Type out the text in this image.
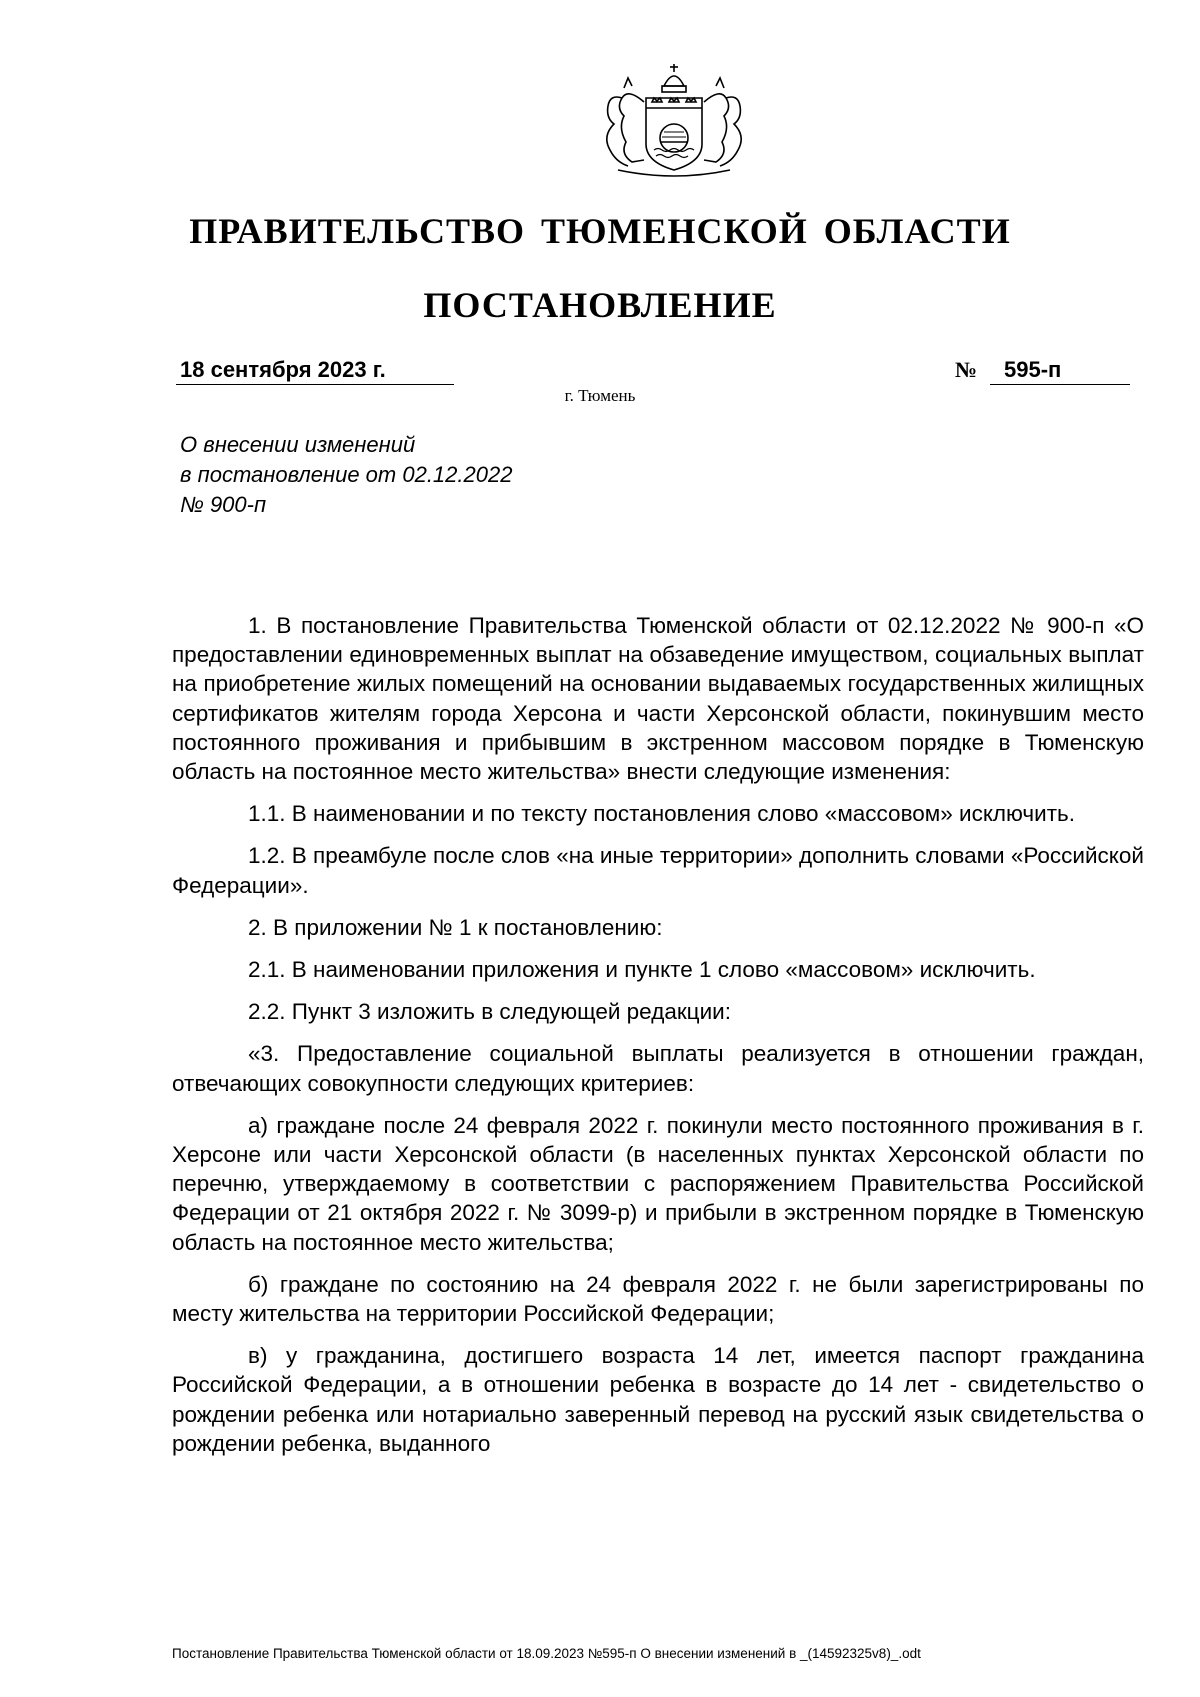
ПРАВИТЕЛЬСТВО ТЮМЕНСКОЙ ОБЛАСТИ
ПОСТАНОВЛЕНИЕ
18 сентября 2023 г.	№	595-п
г. Тюмень
О внесении изменений
в постановление от 02.12.2022
№ 900-п

1. В постановление Правительства Тюменской области от 02.12.2022 № 900-п «О предоставлении единовременных выплат на обзаведение имуществом, социальных выплат на приобретение жилых помещений на основании выдаваемых государственных жилищных сертификатов жителям города Херсона и части Херсонской области, покинувшим место постоянного проживания и прибывшим в экстренном массовом порядке в Тюменскую область на постоянное место жительства» внести следующие изменения:

1.1. В наименовании и по тексту постановления слово «массовом» исключить.

1.2. В преамбуле после слов «на иные территории» дополнить словами «Российской Федерации».

2. В приложении № 1 к постановлению:

2.1. В наименовании приложения и пункте 1 слово «массовом» исключить.

2.2. Пункт 3 изложить в следующей редакции:

«3. Предоставление социальной выплаты реализуется в отношении граждан, отвечающих совокупности следующих критериев:

а) граждане после 24 февраля 2022 г. покинули место постоянного проживания в г. Херсоне или части Херсонской области (в населенных пунктах Херсонской области по перечню, утверждаемому в соответствии с распоряжением Правительства Российской Федерации от 21 октября 2022 г. № 3099-р) и прибыли в экстренном порядке в Тюменскую область на постоянное место жительства;

б) граждане по состоянию на 24 февраля 2022 г. не были зарегистрированы по месту жительства на территории Российской Федерации;

в) у гражданина, достигшего возраста 14 лет, имеется паспорт гражданина Российской Федерации, а в отношении ребенка в возрасте до 14 лет - свидетельство о рождении ребенка или нотариально заверенный перевод на русский язык свидетельства о рождении ребенка, выданного

Постановление Правительства Тюменской области от 18.09.2023 №595-п О внесении изменений в _(14592325v8)_.odt
